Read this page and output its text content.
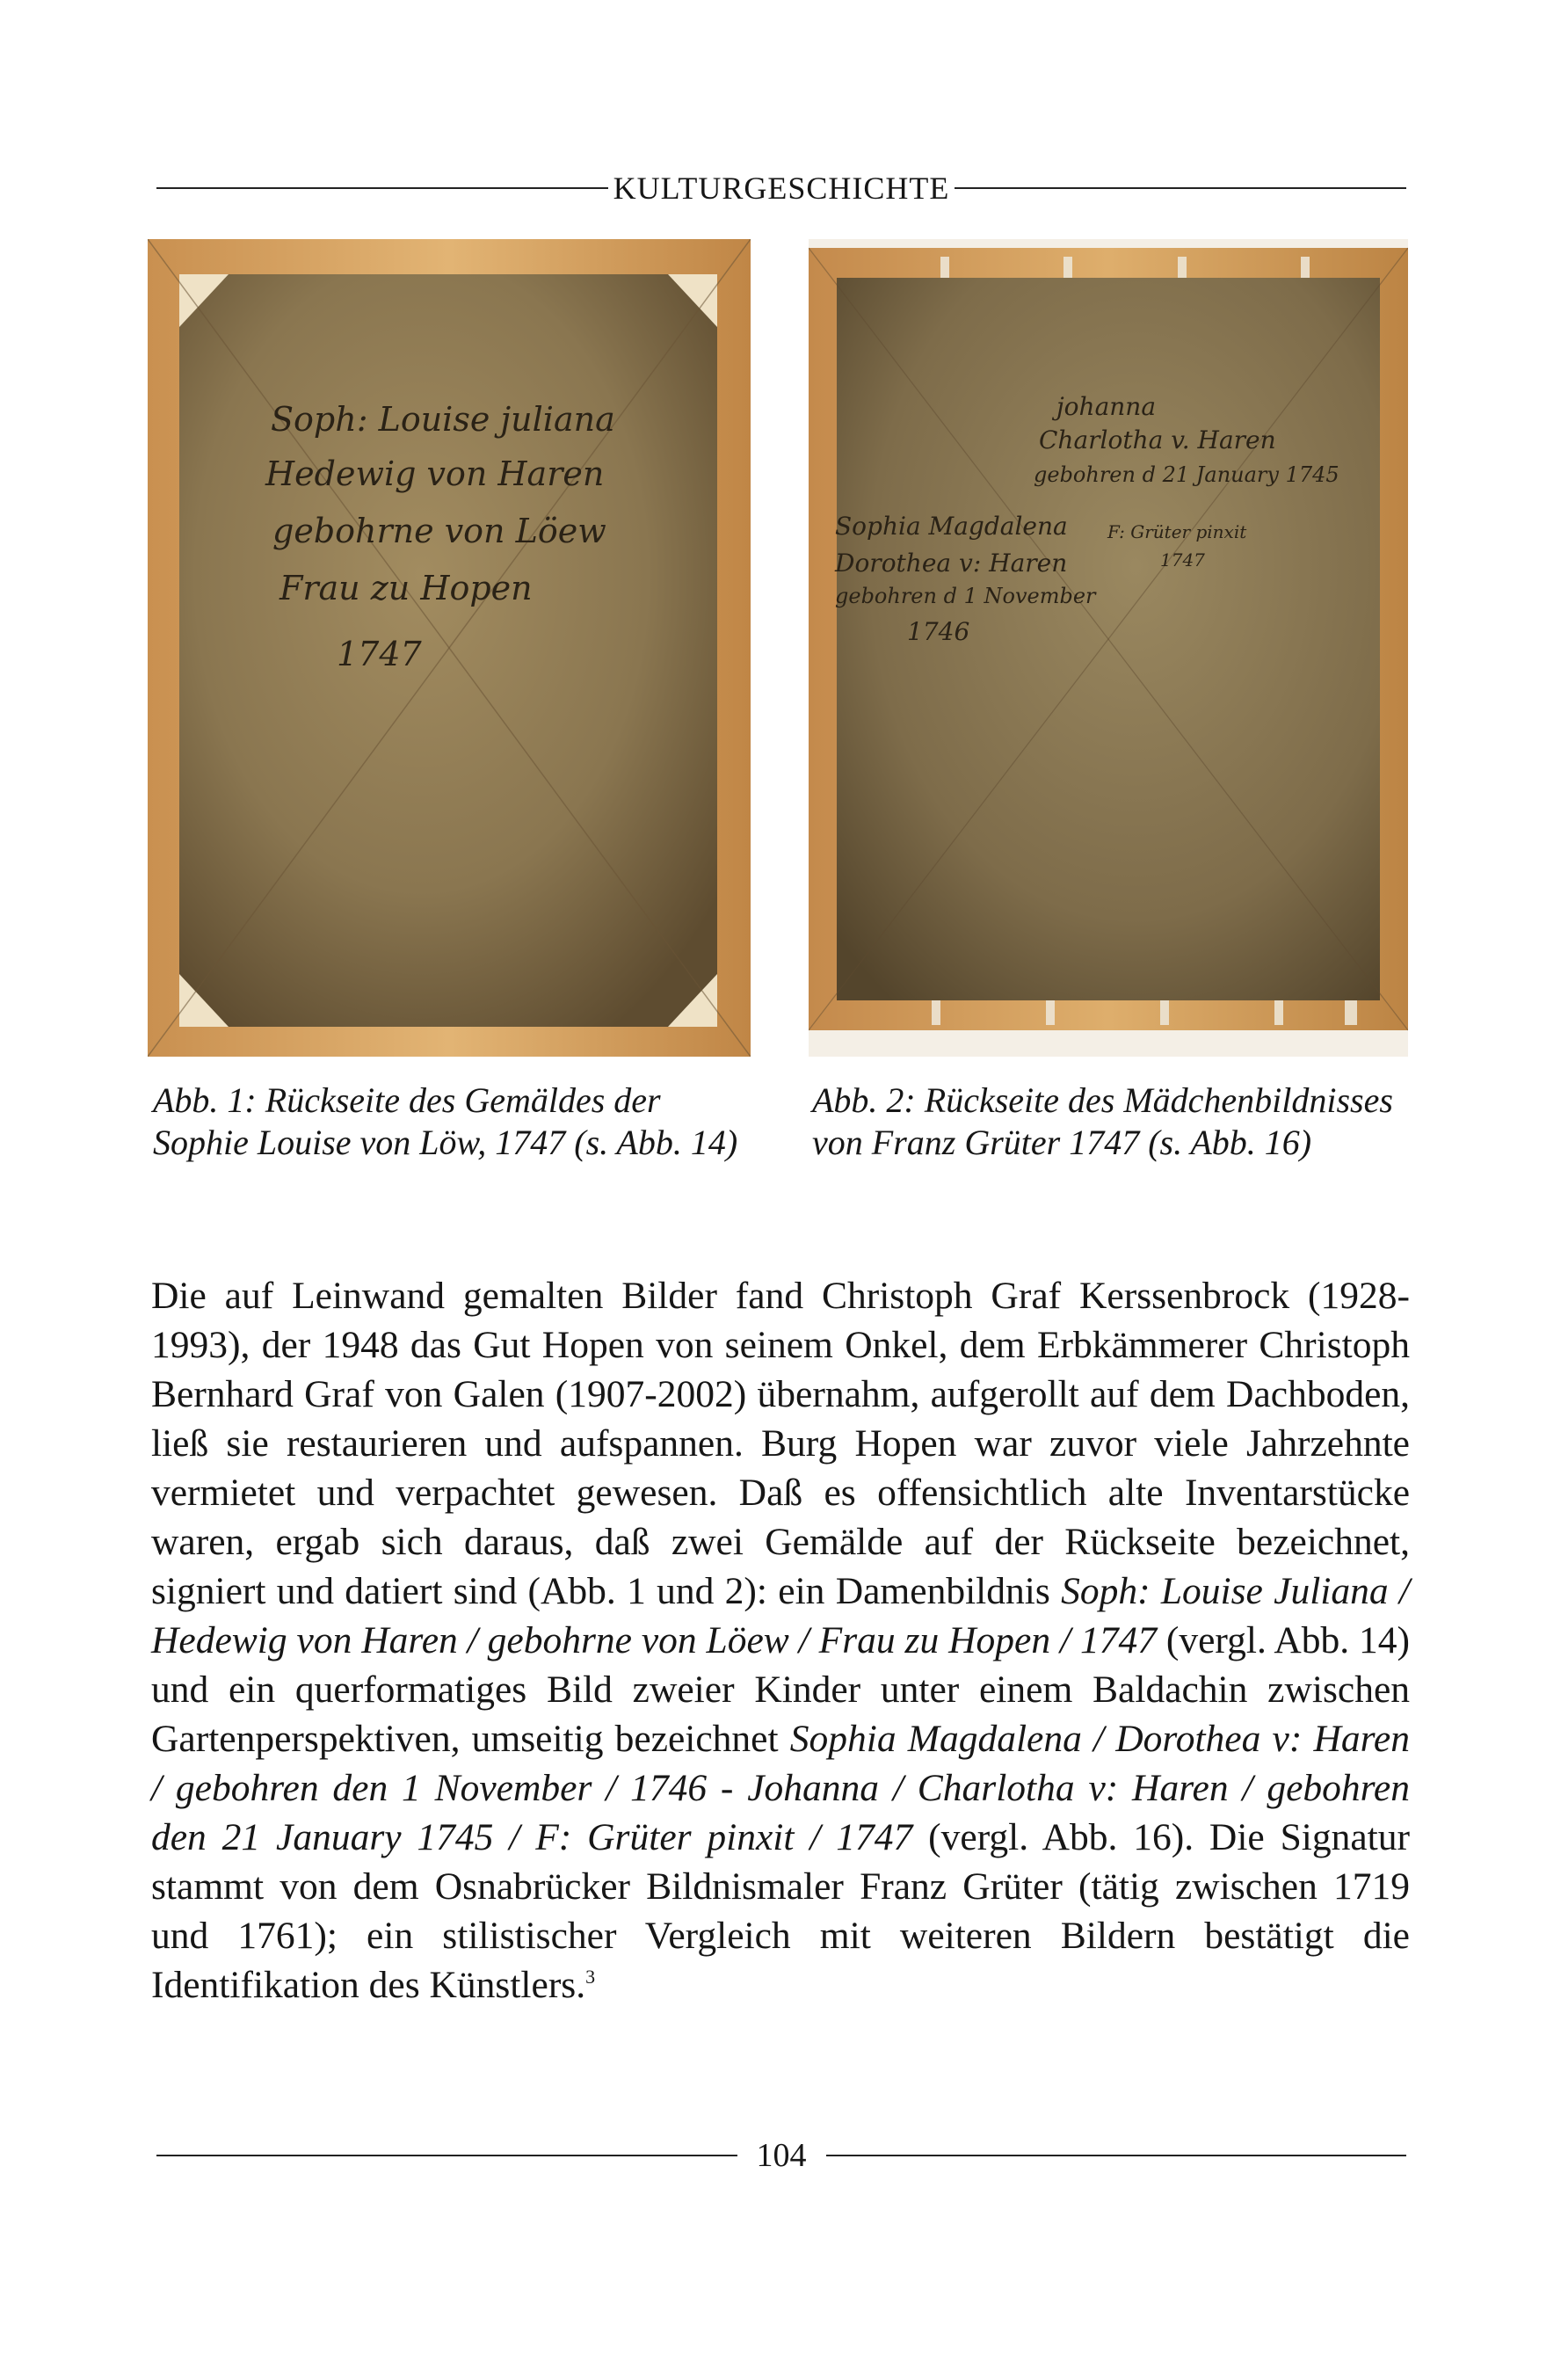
KULTURGESCHICHTE
Soph: Louise juliana
Hedewig von Haren
gebohrne von Löew
Frau zu Hopen
1747
johanna
Charlotha v. Haren
gebohren d 21 January 1745
Sophia Magdalena
Dorothea v: Haren
gebohren d 1 November
1746
F: Grüter pinxit
1747

Abb. 1: Rückseite des Gemäldes der Sophie Louise von Löw, 1747 (s. Abb. 14)

Abb. 2: Rückseite des Mädchenbildnisses von Franz Grüter 1747 (s. Abb. 16)

Die auf Leinwand gemalten Bilder fand Christoph Graf Kerssenbrock (1928-1993), der 1948 das Gut Hopen von seinem Onkel, dem Erbkämmerer Christoph Bernhard Graf von Galen (1907-2002) übernahm, aufgerollt auf dem Dachboden, ließ sie restaurieren und aufspannen. Burg Hopen war zuvor viele Jahrzehnte vermietet und verpachtet gewesen. Daß es offensichtlich alte Inventarstücke waren, ergab sich daraus, daß zwei Gemälde auf der Rückseite bezeichnet, signiert und datiert sind (Abb. 1 und 2): ein Damenbildnis Soph: Louise Juliana / Hedewig von Haren / gebohrne von Löew / Frau zu Hopen / 1747 (vergl. Abb. 14) und ein querformatiges Bild zweier Kinder unter einem Baldachin zwischen Gartenperspektiven, umseitig bezeichnet Sophia Magdalena / Dorothea v: Haren / gebohren den 1 November / 1746 - Johanna / Charlotha v: Haren / gebohren den 21 January 1745 / F: Grüter pinxit / 1747 (vergl. Abb. 16). Die Signatur stammt von dem Osnabrücker Bildnismaler Franz Grüter (tätig zwischen 1719 und 1761); ein stilistischer Vergleich mit weiteren Bildern bestätigt die Identifikation des Künstlers.$^3$

104
